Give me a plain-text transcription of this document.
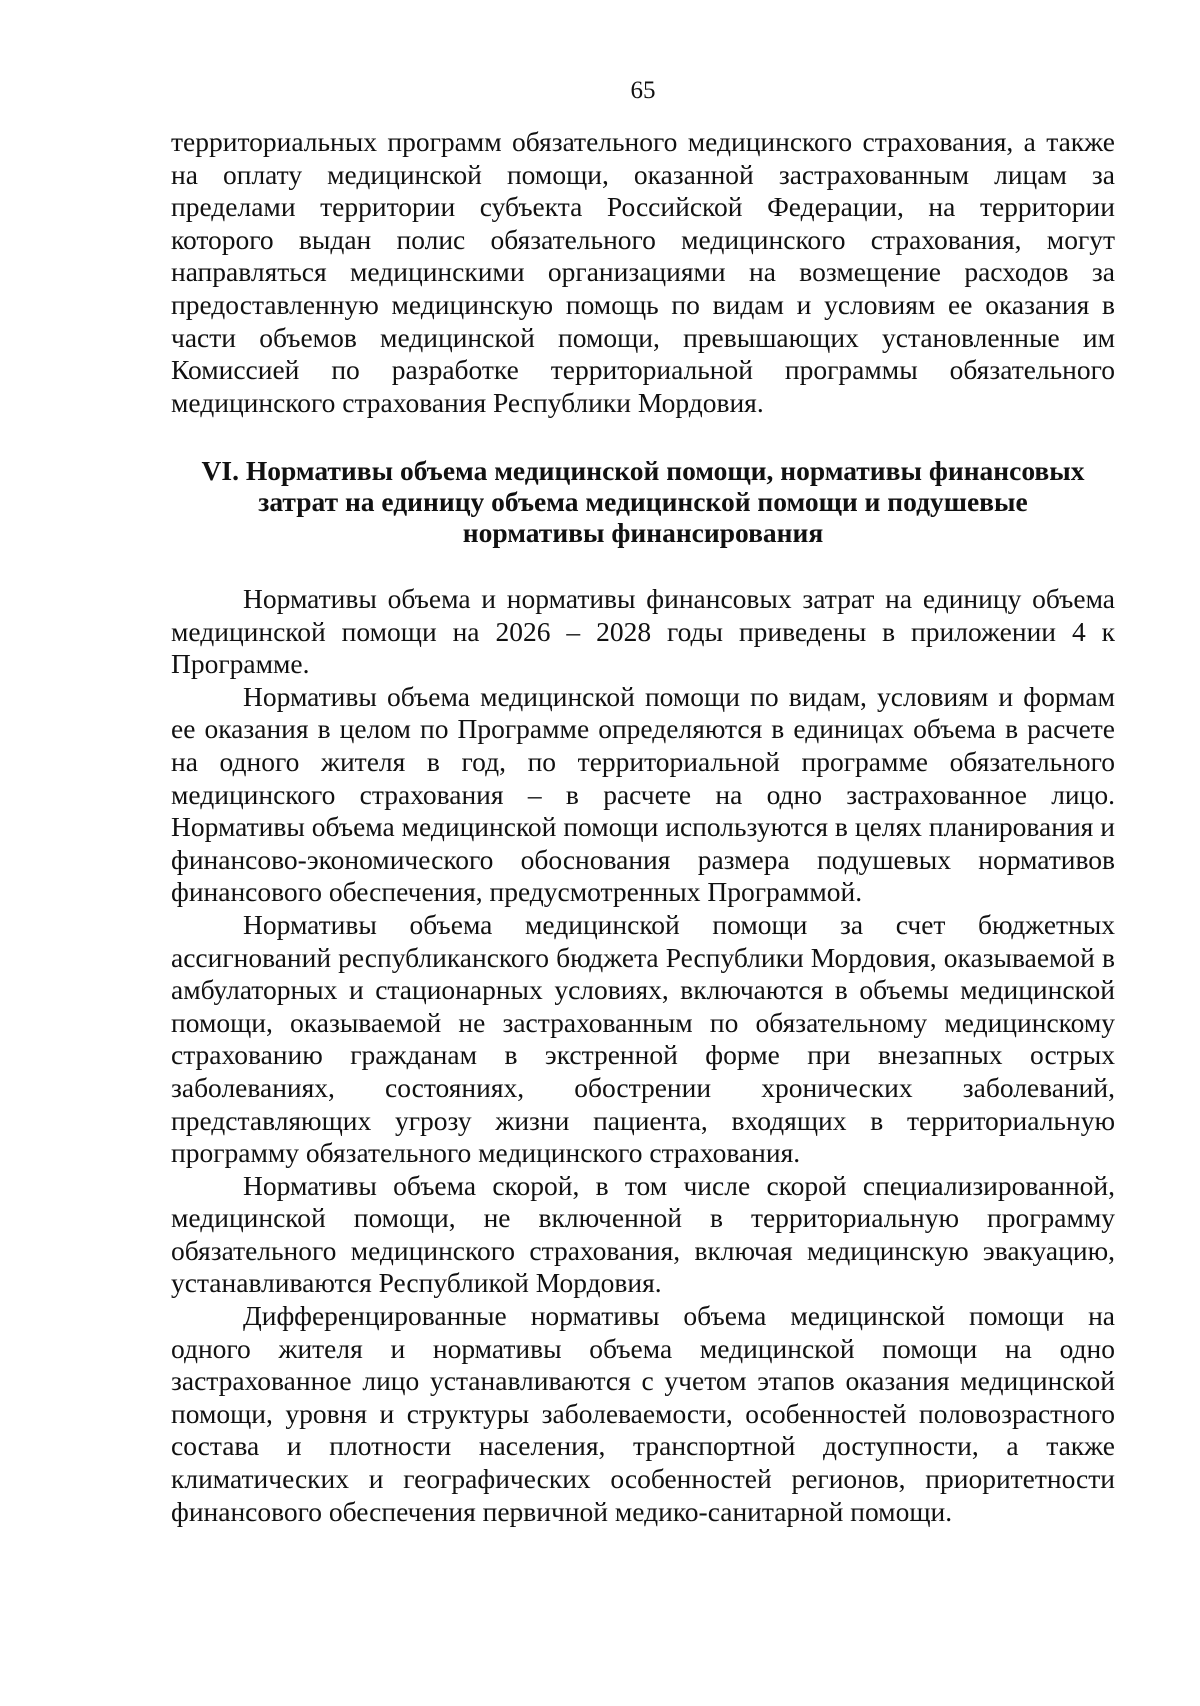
65

территориальных программ обязательного медицинского страхования, а также на оплату медицинской помощи, оказанной застрахованным лицам за пределами территории субъекта Российской Федерации, на территории которого выдан полис обязательного медицинского страхования, могут направляться медицинскими организациями на возмещение расходов за предоставленную медицинскую помощь по видам и условиям ее оказания в части объемов медицинской помощи, превышающих установленные им Комиссией по разработке территориальной программы обязательного медицинского страхования Республики Мордовия.

VI. Нормативы объема медицинской помощи, нормативы финансовых
затрат на единицу объема медицинской помощи и подушевые
нормативы финансирования

Нормативы объема и нормативы финансовых затрат на единицу объема медицинской помощи на 2026 – 2028 годы приведены в приложении 4 к Программе.

Нормативы объема медицинской помощи по видам, условиям и формам ее оказания в целом по Программе определяются в единицах объема в расчете на одного жителя в год, по территориальной программе обязательного медицинского страхования – в расчете на одно застрахованное лицо. Нормативы объема медицинской помощи используются в целях планирования и финансово-экономического обоснования размера подушевых нормативов финансового обеспечения, предусмотренных Программой.

Нормативы объема медицинской помощи за счет бюджетных ассигнований республиканского бюджета Республики Мордовия, оказываемой в амбулаторных и стационарных условиях, включаются в объемы медицинской помощи, оказываемой не застрахованным по обязательному медицинскому страхованию гражданам в экстренной форме при внезапных острых заболеваниях, состояниях, обострении хронических заболеваний, представляющих угрозу жизни пациента, входящих в территориальную программу обязательного медицинского страхования.

Нормативы объема скорой, в том числе скорой специализированной, медицинской помощи, не включенной в территориальную программу обязательного медицинского страхования, включая медицинскую эвакуацию, устанавливаются Республикой Мордовия.

Дифференцированные нормативы объема медицинской помощи на одного жителя и нормативы объема медицинской помощи на одно застрахованное лицо устанавливаются с учетом этапов оказания медицинской помощи, уровня и структуры заболеваемости, особенностей половозрастного состава и плотности населения, транспортной доступности, а также климатических и географических особенностей регионов, приоритетности финансового обеспечения первичной медико-санитарной помощи.
